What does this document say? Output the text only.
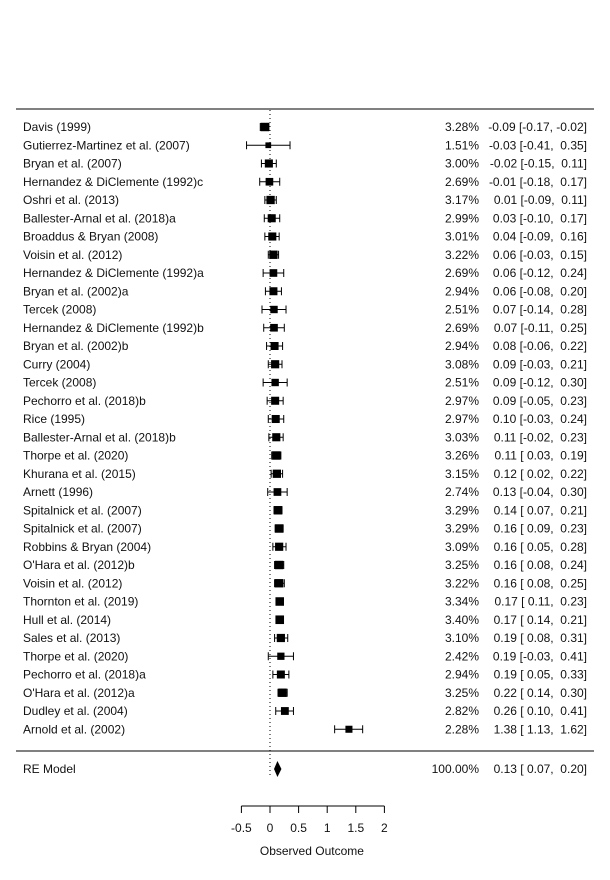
Davis (1999)	3.28% -0.09 [-0.17, -0.02]
Gutierrez-Martinez et al. (2007)	1.51% -0.03 [-0.41,  0.35]
Bryan et al. (2007)	3.00% -0.02 [-0.15,  0.11]
Hernandez & DiClemente (1992)c	2.69% -0.01 [-0.18,  0.17]
Oshri et al. (2013)	3.17% 0.01 [-0.09,  0.11]
Ballester-Arnal et al. (2018)a	2.99% 0.03 [-0.10,  0.17]
Broaddus & Bryan (2008)	3.01% 0.04 [-0.09,  0.16]
Voisin et al. (2012)	3.22% 0.06 [-0.03,  0.15]
Hernandez & DiClemente (1992)a	2.69% 0.06 [-0.12,  0.24]
Bryan et al. (2002)a	2.94% 0.06 [-0.08,  0.20]
Tercek (2008)	2.51% 0.07 [-0.14,  0.28]
Hernandez & DiClemente (1992)b	2.69% 0.07 [-0.11,  0.25]
Bryan et al. (2002)b	2.94% 0.08 [-0.06,  0.22]
Curry (2004)	3.08% 0.09 [-0.03,  0.21]
Tercek (2008)	2.51% 0.09 [-0.12,  0.30]
Pechorro et al. (2018)b	2.97% 0.09 [-0.05,  0.23]
Rice (1995)	2.97% 0.10 [-0.03,  0.24]
Ballester-Arnal et al. (2018)b	3.03% 0.11 [-0.02,  0.23]
Thorpe et al. (2020)	3.26% 0.11 [ 0.03,  0.19]
Khurana et al. (2015)	3.15% 0.12 [ 0.02,  0.22]
Arnett (1996)	2.74% 0.13 [-0.04,  0.30]
Spitalnick et al. (2007)	3.29% 0.14 [ 0.07,  0.21]
Spitalnick et al. (2007)	3.29% 0.16 [ 0.09,  0.23]
Robbins & Bryan (2004)	3.09% 0.16 [ 0.05,  0.28]
O'Hara et al. (2012)b	3.25% 0.16 [ 0.08,  0.24]
Voisin et al. (2012)	3.22% 0.16 [ 0.08,  0.25]
Thornton et al. (2019)	3.34% 0.17 [ 0.11,  0.23]
Hull et al. (2014)	3.40% 0.17 [ 0.14,  0.21]
Sales et al. (2013)	3.10% 0.19 [ 0.08,  0.31]
Thorpe et al. (2020)	2.42% 0.19 [-0.03,  0.41]
Pechorro et al. (2018)a	2.94% 0.19 [ 0.05,  0.33]
O'Hara et al. (2012)a	3.25% 0.22 [ 0.14,  0.30]
Dudley et al. (2004)	2.82% 0.26 [ 0.10,  0.41]
Arnold et al. (2002)	2.28% 1.38 [ 1.13,  1.62]
RE Model	100.00% 0.13 [ 0.07,  0.20]
-0.5 0 0.5 1 1.5 2
Observed Outcome
